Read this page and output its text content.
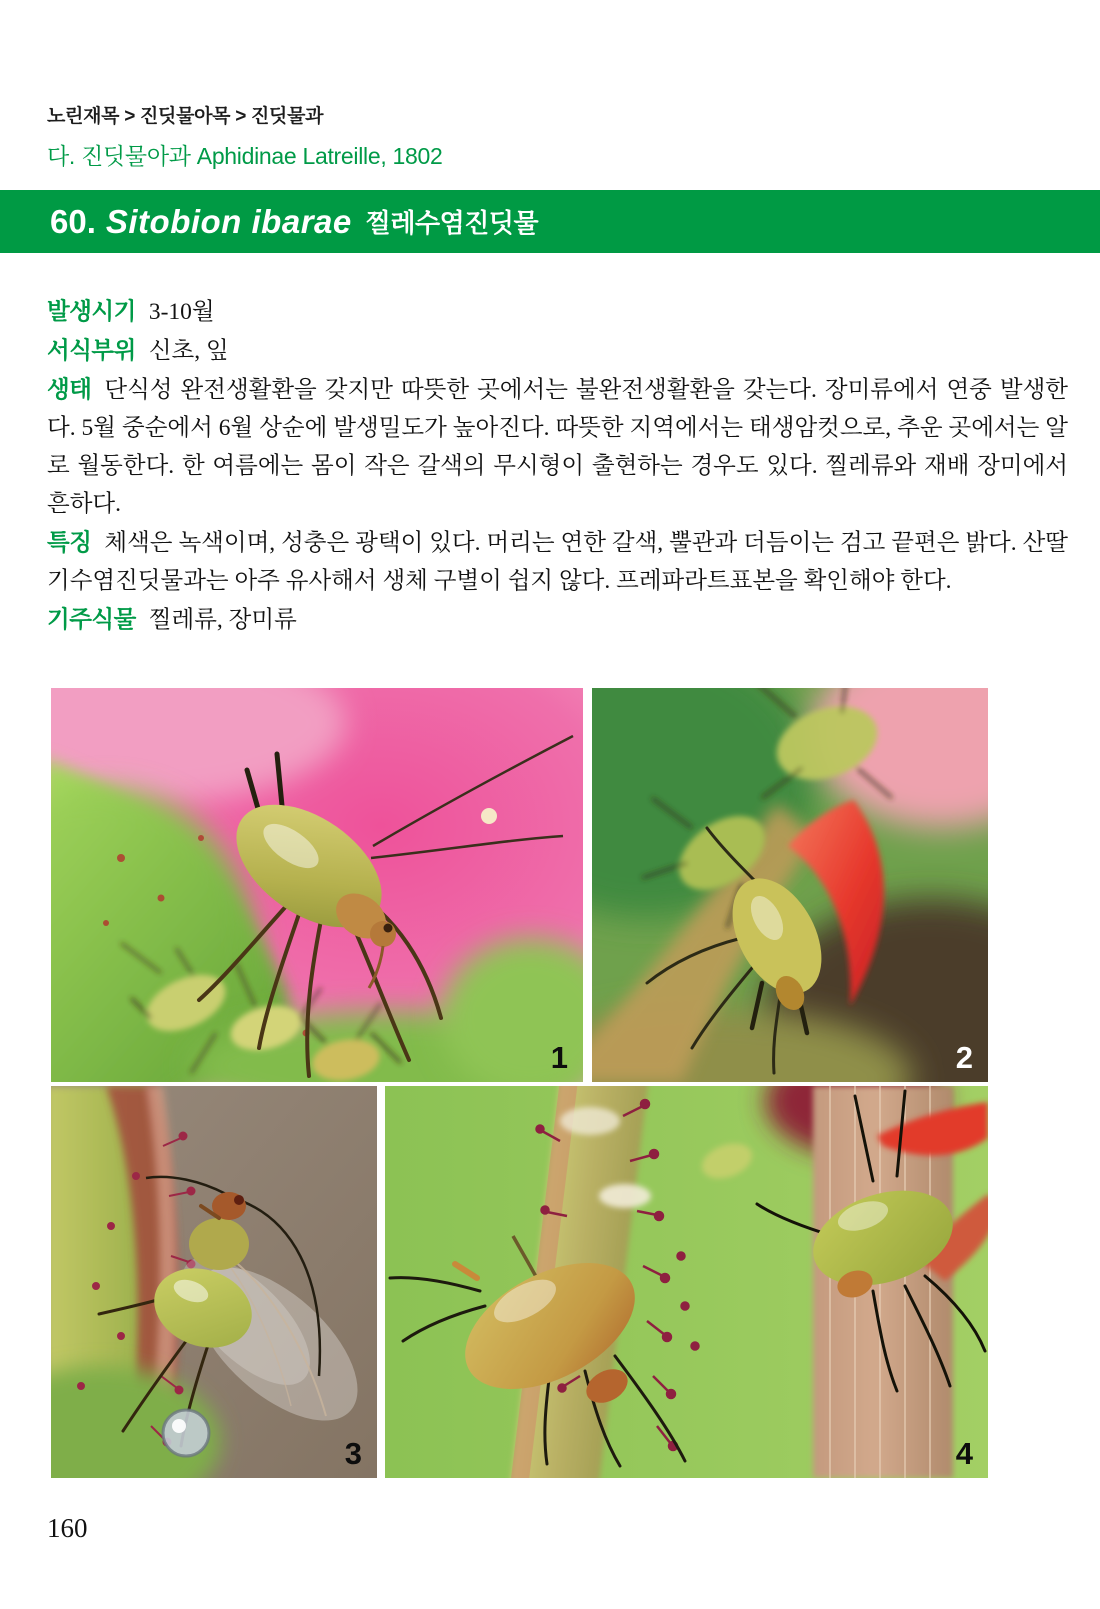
노린재목 > 진딧물아목 > 진딧물과
다. 진딧물아과 Aphidinae Latreille, 1802
60. Sitobion ibarae 찔레수염진딧물

발생시기 3-10월

서식부위 신초, 잎

생태 단식성 완전생활환을 갖지만 따뜻한 곳에서는 불완전생활환을 갖는다. 장미류에서 연중 발생한다. 5월 중순에서 6월 상순에 발생밀도가 높아진다. 따뜻한 지역에서는 태생암컷으로, 추운 곳에서는 알로 월동한다. 한 여름에는 몸이 작은 갈색의 무시형이 출현하는 경우도 있다. 찔레류와 재배 장미에서 흔하다.

특징 체색은 녹색이며, 성충은 광택이 있다. 머리는 연한 갈색, 뿔관과 더듬이는 검고 끝편은 밝다. 산딸기수염진딧물과는 아주 유사해서 생체 구별이 쉽지 않다. 프레파라트표본을 확인해야 한다.

기주식물 찔레류, 장미류

1	2
3	4
160
